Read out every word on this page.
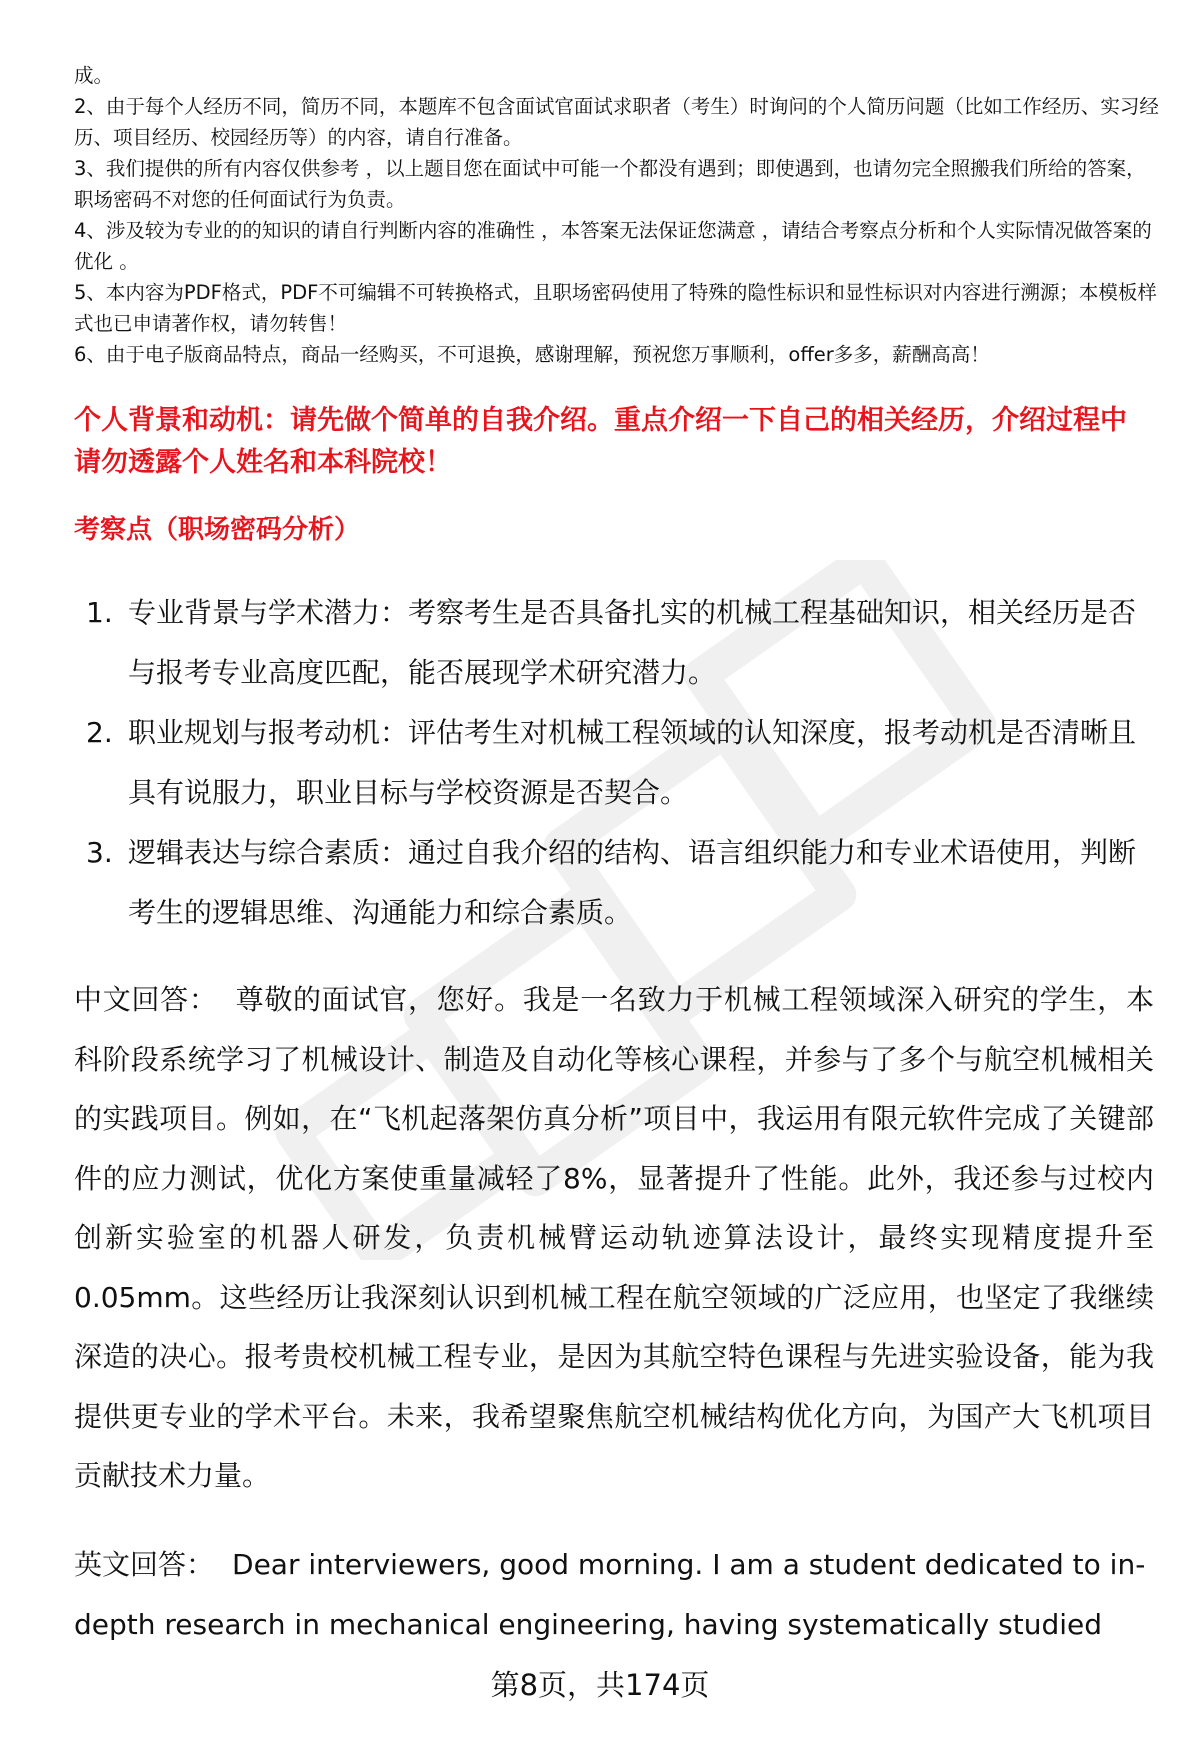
成。

2、由于每个人经历不同，简历不同，本题库不包含面试官面试求职者（考生）时询问的个人简历问题（比如工作经历、实习经历、项目经历、校园经历等）的内容，请自行准备。

3、我们提供的所有内容仅供参考 ，以上题目您在面试中可能一个都没有遇到；即使遇到，也请勿完全照搬我们所给的答案，职场密码不对您的任何面试行为负责。

4、涉及较为专业的的知识的请自行判断内容的准确性 ，本答案无法保证您满意 ，请结合考察点分析和个人实际情况做答案的优化 。

5、本内容为PDF格式，PDF不可编辑不可转换格式，且职场密码使用了特殊的隐性标识和显性标识对内容进行溯源；本模板样式也已申请著作权，请勿转售！

6、由于电子版商品特点，商品一经购买，不可退换，感谢理解，预祝您万事顺利，offer多多，薪酬高高！

个人背景和动机：请先做个简单的自我介绍。重点介绍一下自己的相关经历，介绍过程中请勿透露个人姓名和本科院校！

考察点（职场密码分析）

1. 专业背景与学术潜力：考察考生是否具备扎实的机械工程基础知识，相关经历是否与报考专业高度匹配，能否展现学术研究潜力。
2. 职业规划与报考动机：评估考生对机械工程领域的认知深度，报考动机是否清晰且具有说服力，职业目标与学校资源是否契合。
3. 逻辑表达与综合素质：通过自我介绍的结构、语言组织能力和专业术语使用，判断考生的逻辑思维、沟通能力和综合素质。

中文回答： 尊敬的面试官，您好。我是一名致力于机械工程领域深入研究的学生，本科阶段系统学习了机械设计、制造及自动化等核心课程，并参与了多个与航空机械相关的实践项目。例如，在“飞机起落架仿真分析”项目中，我运用有限元软件完成了关键部件的应力测试，优化方案使重量减轻了8%，显著提升了性能。此外，我还参与过校内创新实验室的机器人研发，负责机械臂运动轨迹算法设计，最终实现精度提升至0.05mm。这些经历让我深刻认识到机械工程在航空领域的广泛应用，也坚定了我继续深造的决心。报考贵校机械工程专业，是因为其航空特色课程与先进实验设备，能为我提供更专业的学术平台。未来，我希望聚焦航空机械结构优化方向，为国产大飞机项目贡献技术力量。

英文回答： Dear interviewers, good morning. I am a student dedicated to in-depth research in mechanical engineering, having systematically studied

第8页，共174页
